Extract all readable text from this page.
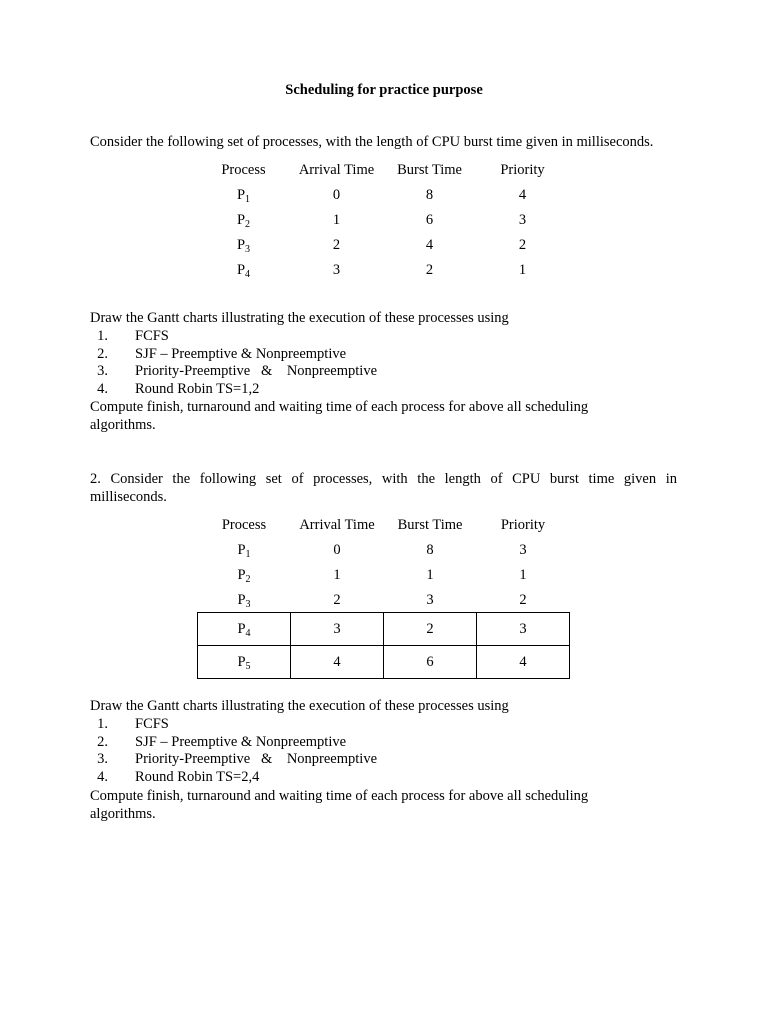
Scheduling for practice purpose

Consider the following set of processes, with the length of CPU burst time given in milliseconds.

Process	Arrival Time	Burst Time	Priority
$P_1$	0	8	4
$P_2$	1	6	3
$P_3$	2	4	2
$P_4$	3	2	1

Draw the Gantt charts illustrating the execution of these processes using

1. FCFS
2. SJF – Preemptive & Nonpreemptive
3. Priority-Preemptive   &    Nonpreemptive
4. Round Robin TS=1,2

Compute finish, turnaround and waiting time of each process for above all scheduling algorithms.

2. Consider the following set of processes, with the length of CPU burst time given in

milliseconds.

Process	Arrival Time	Burst Time	Priority
$P_1$	0	8	3
$P_2$	1	1	1
$P_3$	2	3	2
$P_4$	3	2	3
$P_5$	4	6	4

Draw the Gantt charts illustrating the execution of these processes using

1. FCFS
2. SJF – Preemptive & Nonpreemptive
3. Priority-Preemptive   &    Nonpreemptive
4. Round Robin TS=2,4

Compute finish, turnaround and waiting time of each process for above all scheduling algorithms.
